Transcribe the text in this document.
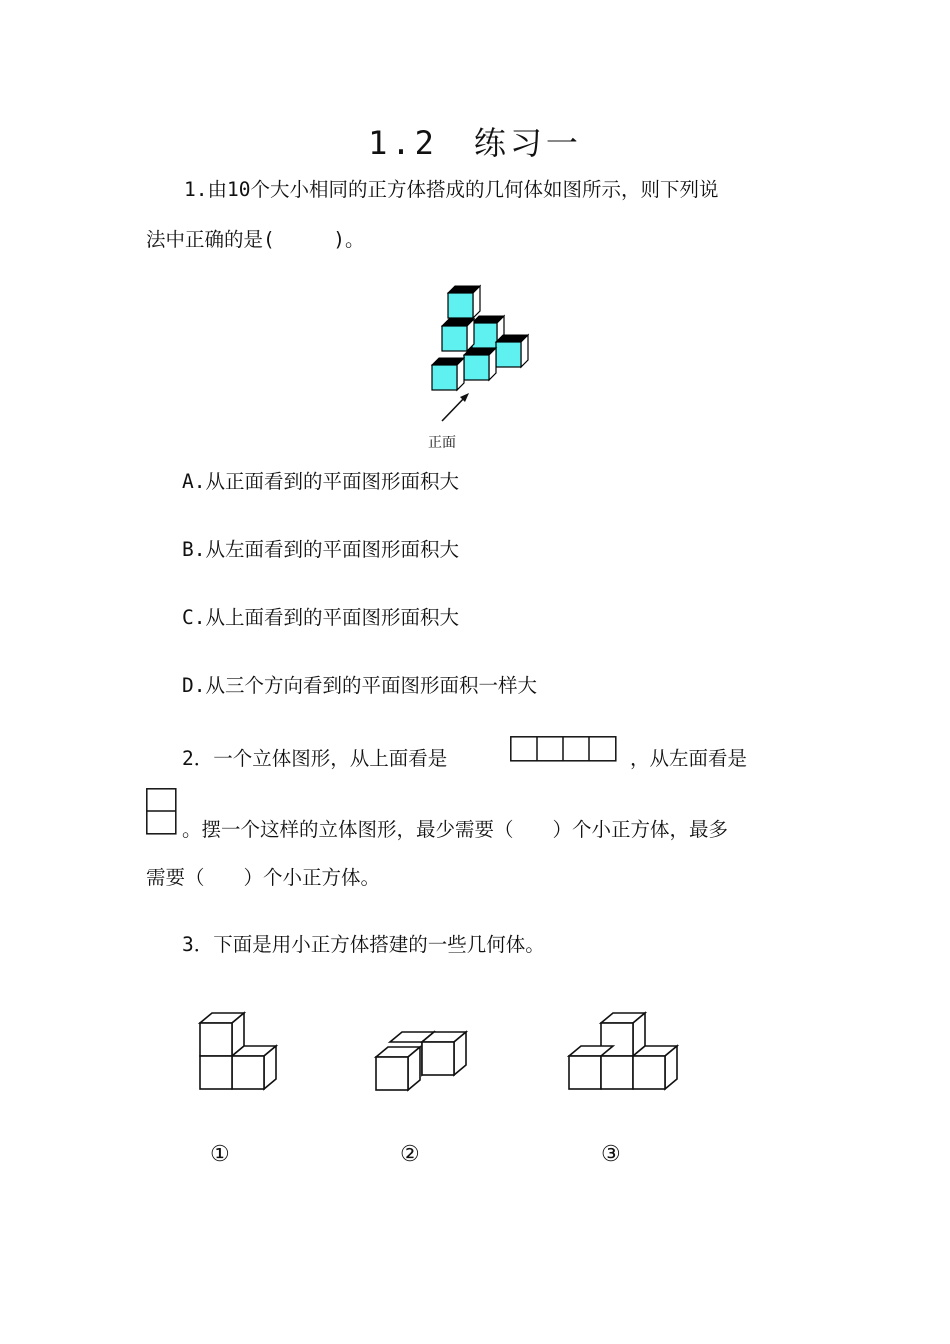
1.2　练习一
1.由10个大小相同的正方体搭成的几何体如图所示，则下列说
法中正确的是(　　　)。
正面
A.从正面看到的平面图形面积大
B.从左面看到的平面图形面积大
C.从上面看到的平面图形面积大
D.从三个方向看到的平面图形面积一样大
2．一个立体图形，从上面看是	，从左面看是
。摆一个这样的立体图形，最少需要（　　）个小正方体，最多
需要（　　）个小正方体。
3．下面是用小正方体搭建的一些几何体。
①	②	③
